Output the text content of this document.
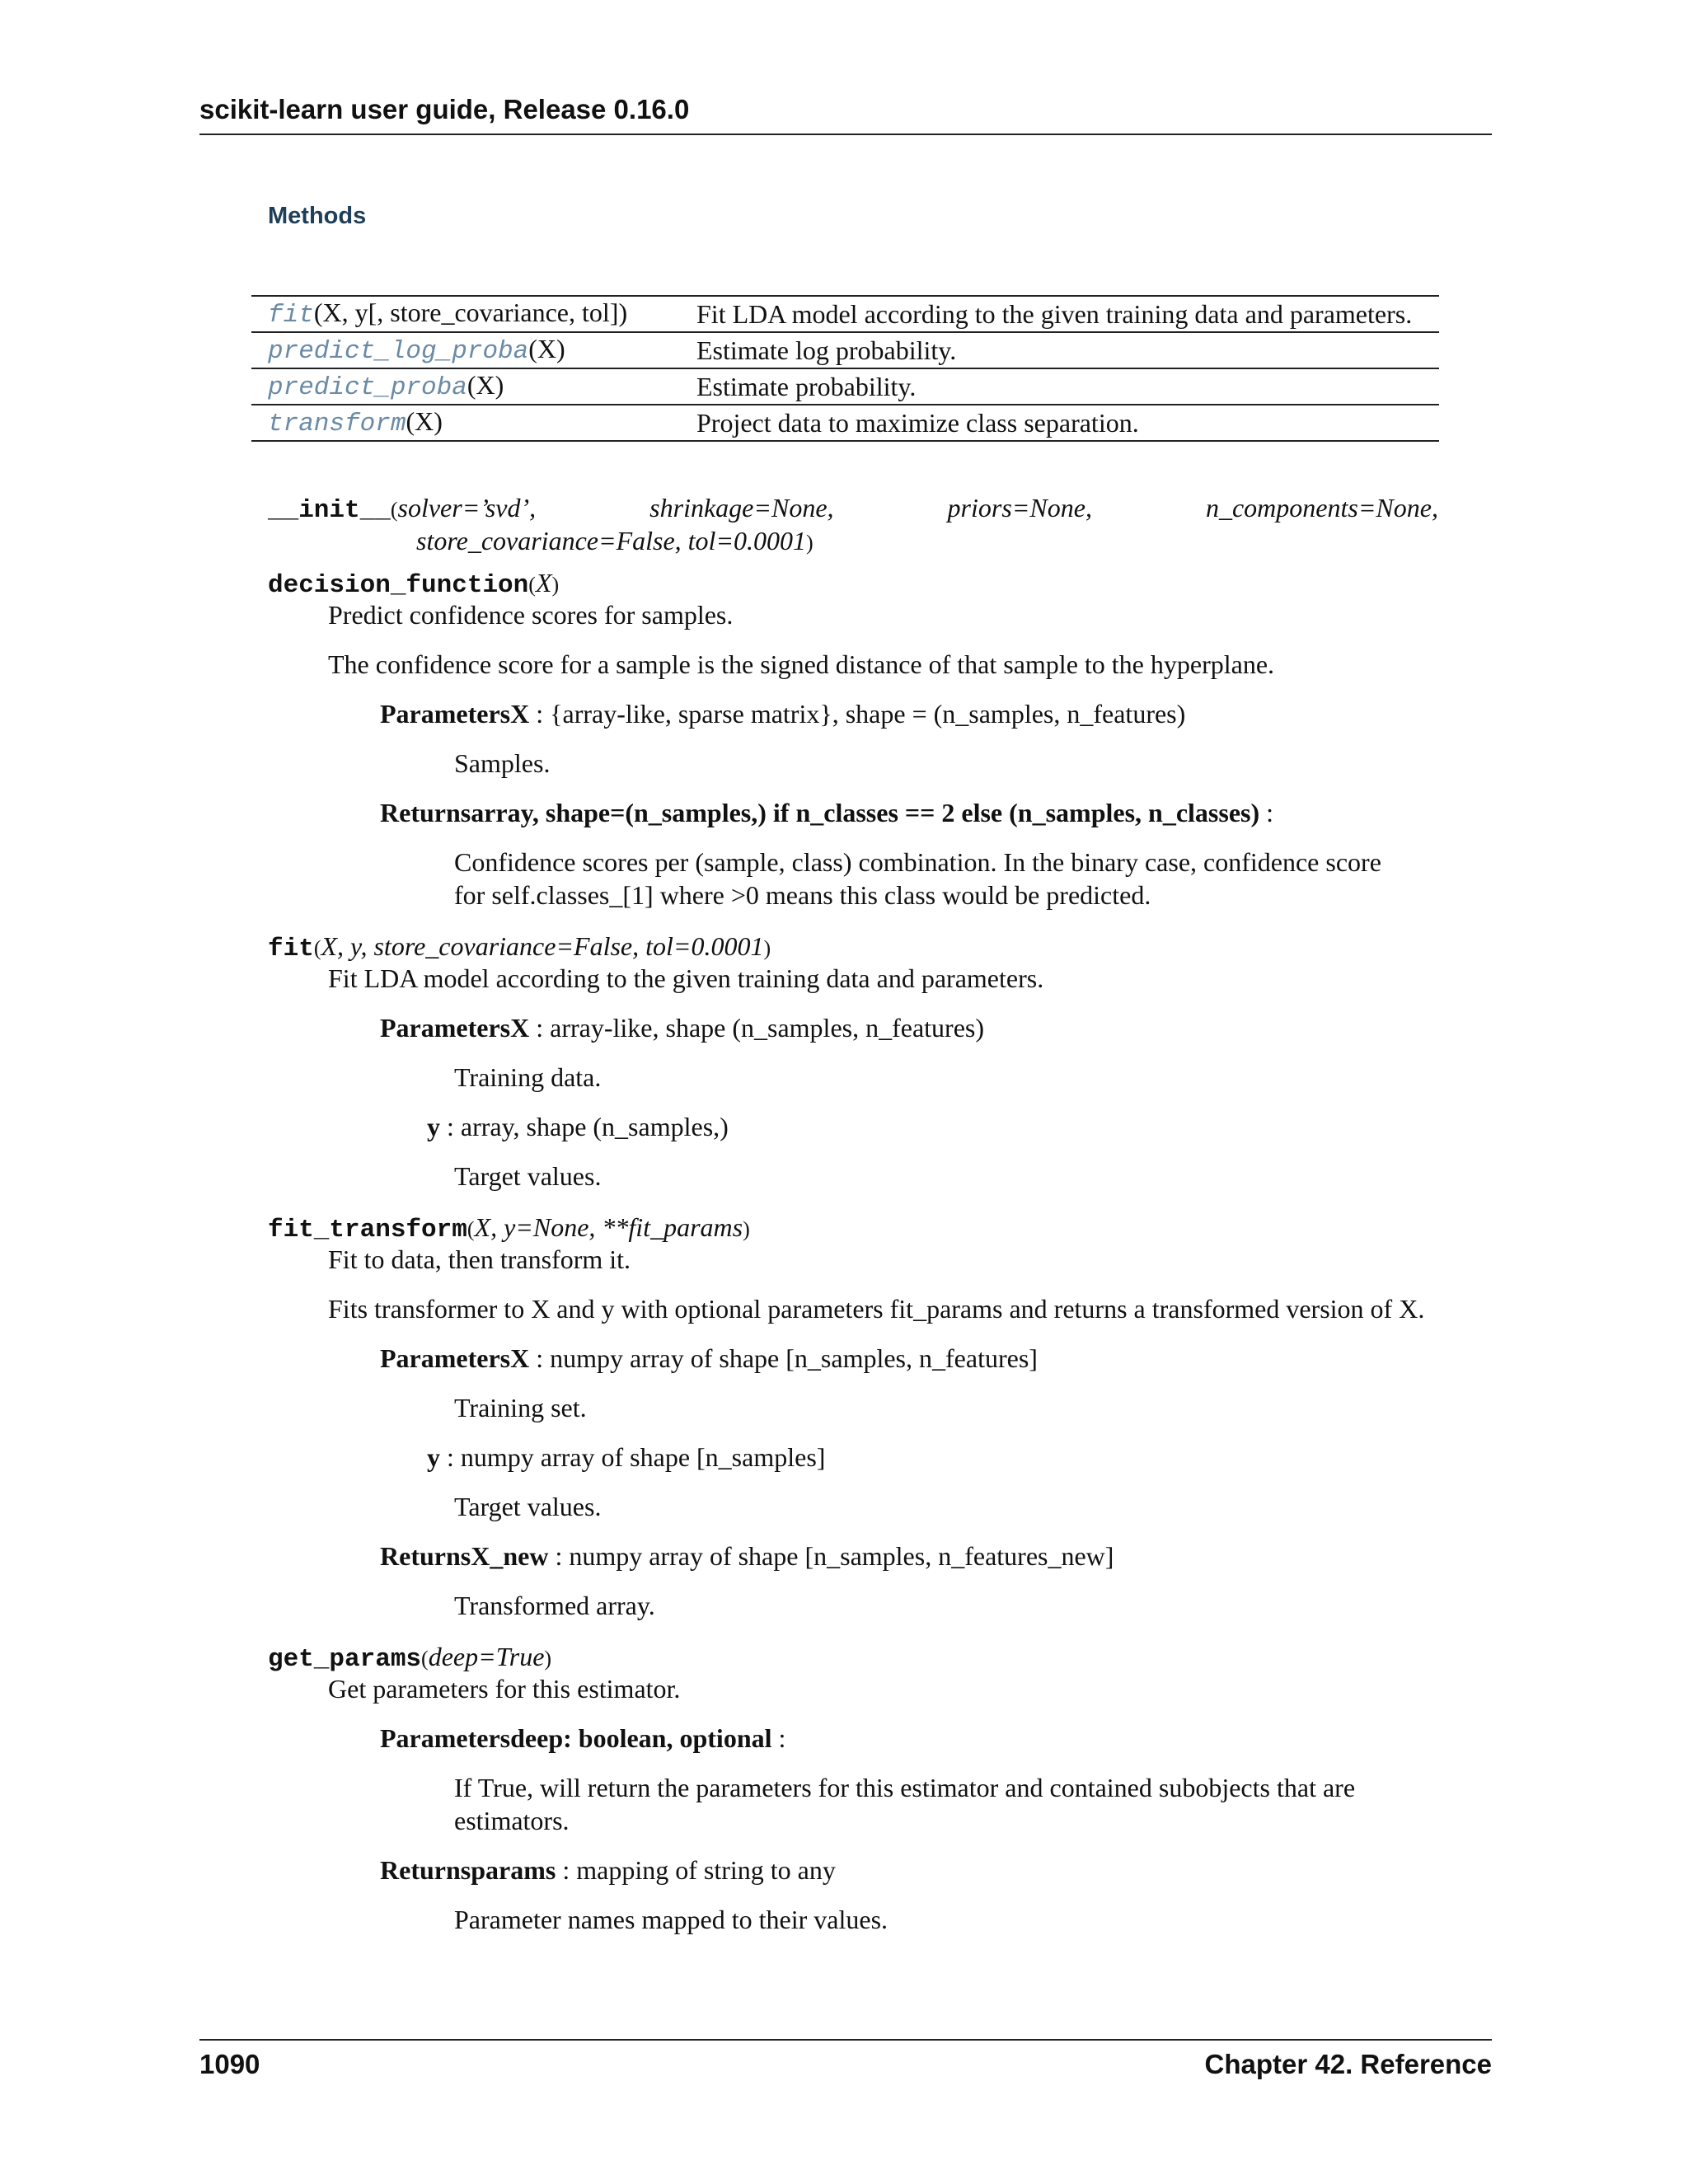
scikit-learn user guide, Release 0.16.0
Methods
fit(X, y[, store_covariance, tol])	Fit LDA model according to the given training data and parameters.
predict_log_proba(X)	Estimate log probability.
predict_proba(X)	Estimate probability.
transform(X)	Project data to maximize class separation.
__init__(solver=’svd’,	shrinkage=None,	priors=None,	n_components=None,
store_covariance=False, tol=0.0001)
decision_function(X)
Predict confidence scores for samples.
The confidence score for a sample is the signed distance of that sample to the hyperplane.
ParametersX : {array-like, sparse matrix}, shape = (n_samples, n_features)
Samples.
Returnsarray, shape=(n_samples,) if n_classes == 2 else (n_samples, n_classes) :
Confidence scores per (sample, class) combination. In the binary case, confidence score
for self.classes_[1] where >0 means this class would be predicted.
fit(X, y, store_covariance=False, tol=0.0001)
Fit LDA model according to the given training data and parameters.
ParametersX : array-like, shape (n_samples, n_features)
Training data.
y : array, shape (n_samples,)
Target values.
fit_transform(X, y=None, **fit_params)
Fit to data, then transform it.
Fits transformer to X and y with optional parameters fit_params and returns a transformed version of X.
ParametersX : numpy array of shape [n_samples, n_features]
Training set.
y : numpy array of shape [n_samples]
Target values.
ReturnsX_new : numpy array of shape [n_samples, n_features_new]
Transformed array.
get_params(deep=True)
Get parameters for this estimator.
Parametersdeep: boolean, optional :
If True, will return the parameters for this estimator and contained subobjects that are
estimators.
Returnsparams : mapping of string to any
Parameter names mapped to their values.
1090	Chapter 42. Reference
